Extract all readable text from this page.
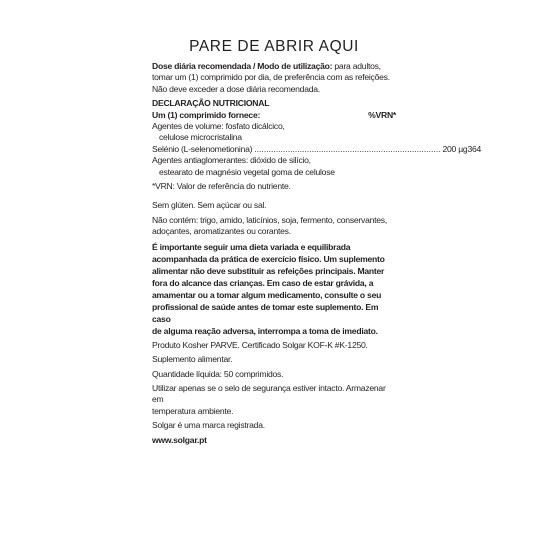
PARE DE ABRIR AQUI

Dose diária recomendada / Modo de utilização: para adultos,

tomar um (1) comprimido por dia, de preferência com as refeições.

Não deve exceder a dose diária recomendada.

DECLARAÇÃO NUTRICIONAL

Um (1) comprimido fornece:	%VRN*

Agentes de volume: fosfato dicálcico,

celulose microcristalina

Selénio (L-selenometionina) .............................................................................. 200 µg 364

Agentes antiaglomerantes: dióxido de silício,

estearato de magnésio vegetal goma de celulose

*VRN: Valor de referência do nutriente.

Sem glúten. Sem açúcar ou sal.

Não contém: trigo, amido, laticínios, soja, fermento, conservantes,

adoçantes, aromatizantes ou corantes.

É importante seguir uma dieta variada e equilibrada

acompanhada da prática de exercício físico. Um suplemento

alimentar não deve substituir as refeições principais. Manter

fora do alcance das crianças. Em caso de estar grávida, a

amamentar ou a tomar algum medicamento, consulte o seu

profissional de saúde antes de tomar este suplemento. Em caso

de alguma reação adversa, interrompa a toma de imediato.

Produto Kosher PARVE. Certificado Solgar KOF-K #K-1250.

Suplemento alimentar.

Quantidade líquida: 50 comprimidos.

Utilizar apenas se o selo de segurança estiver intacto. Armazenar em

temperatura ambiente.

Solgar é uma marca registrada.

www.solgar.pt
